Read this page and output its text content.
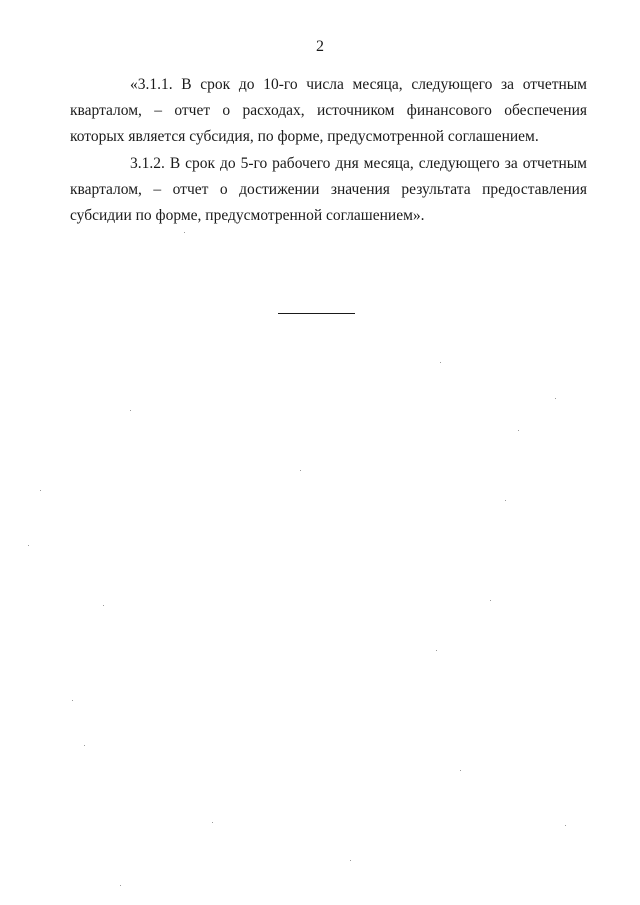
2

«3.1.1. В срок до 10-го числа месяца, следующего за отчетным
кварталом, – отчет о расходах, источником финансового обеспечения
которых является субсидия, по форме, предусмотренной соглашением.

3.1.2. В срок до 5-го рабочего дня месяца, следующего за отчетным
кварталом, – отчет о достижении значения результата предоставления
субсидии по форме, предусмотренной соглашением».
